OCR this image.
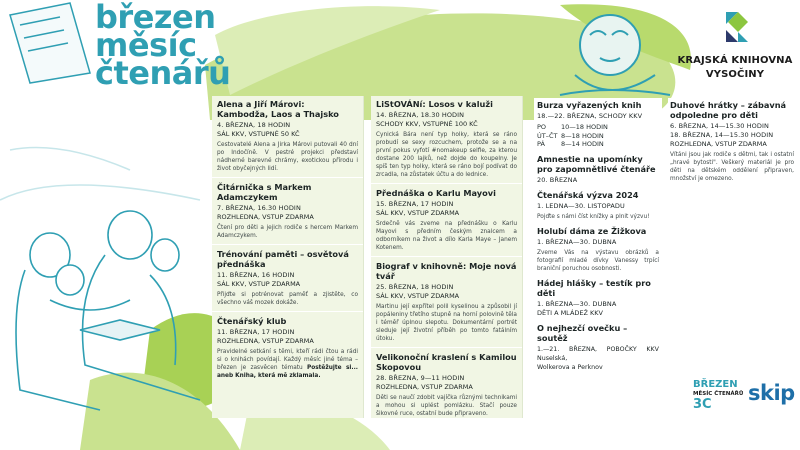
březen
měsíc
čtenářů	KRAJSKÁ KNIHOVNA
VYSOČINY
Alena a Jiří Márovi: Kambodža, Laos a Thajsko
4. BŘEZNA, 18 HODIN
SÁL KKV, VSTUPNÉ 50 KČ
Cestovatelé Alena a Jirka Márovi putovali 40 dní po Indočíně. V pestré projekci představí nádherné barevné chrámy, exotickou přírodu i život obyčejných lidí.
Čitárnička s Markem Adamczykem
7. BŘEZNA, 16.30 HODIN
ROZHLEDNA, VSTUP ZDARMA
Čtení pro děti a jejich rodiče s hercem Markem Adamczykem.
Trénování paměti – osvětová přednáška
11. BŘEZNA, 16 HODIN
SÁL KKV, VSTUP ZDARMA
Přijďte si potrénovat paměť a zjistěte, co všechno váš mozek dokáže.
Čtenářský klub
11. BŘEZNA, 17 HODIN
ROZHLEDNA, VSTUP ZDARMA
Pravidelné setkání s těmi, kteří rádi čtou a rádi si o knihách povídají. Každý měsíc jiné téma – březen je zasvěcen tématu Postěžujte si... aneb Kniha, která mě zklamala.
LiStOVÁNí: Losos v kaluži
14. BŘEZNA, 18.30 HODIN
SCHODY KKV, VSTUPNÉ 100 KČ
Cynická Bára není typ holky, která se ráno probudí se sexy rozcuchem, protože se a na první pokus vyfotí #nomakeup selfie, za kterou dostane 200 lajků, než dojde do koupelny. Je spíš ten typ holky, která se ráno bojí podívat do zrcadla, na zůstatek účtu a do lednice.
Přednáška o Karlu Mayovi
15. BŘEZNA, 17 HODIN
SÁL KKV, VSTUP ZDARMA
Srdečně vás zveme na přednášku o Karlu Mayovi s předním českým znalcem a odborníkem na život a dílo Karla Maye – Janem Kotenem.
Biograf v knihovně: Moje nová tvář
25. BŘEZNA, 18 HODIN
SÁL KKV, VSTUP ZDARMA
Martinu její expřítel polil kyselinou a způsobil jí popáleniny třetího stupně na horní polovině těla i téměř úplnou slepotu. Dokumentární portrét sleduje její životní příběh po tomto fatálním útoku.
Velikonoční kraslení s Kamilou Skopovou
28. BŘEZNA, 9—11 HODIN
ROZHLEDNA, VSTUP ZDARMA
Děti se naučí zdobit vajíčka různými technikami a mohou si uplést pomlázku. Stačí pouze šikovné ruce, ostatní bude připraveno.
Burza vyřazených knih
18.—22. BŘEZNA, SCHODY KKV
PO	10—18 HODIN
ÚT–ČT 8—18 HODIN
PÁ	8—14 HODIN
Amnestie na upomínky pro zapomnětlivé čtenáře
20. BŘEZNA
Čtenářská výzva 2024
1. LEDNA—30. LISTOPADU
Pojďte s námi číst knížky a plnit výzvu!
Holubí dáma ze Žižkova
1. BŘEZNA—30. DUBNA
Zveme Vás na výstavu obrázků a fotografií mladé dívky Vanessy trpící braniční poruchou osobnosti.
Hádej hlášky – testík pro děti
1. BŘEZNA—30. DUBNA
DĚTI A MLÁDEŽ KKV
O nejhezčí ovečku – soutěž
1.—21. BŘEZNA, POBOČKY KKV Nuselská,
Wolkerova a Perknov
Duhové hrátky – zábavná odpoledne pro děti
6. BŘEZNA, 14—15.30 HODIN
18. BŘEZNA, 14—15.30 HODIN
ROZHLEDNA, VSTUP ZDARMA
Vítáni jsou jak rodiče s dětmi, tak i ostatní „hravé bytosti". Veškerý materiál je pro děti na dětském oddělení připraven, množství je omezeno.
BŘEZEN
MĚSÍC ČTENÁŘŮ
3C	skip
